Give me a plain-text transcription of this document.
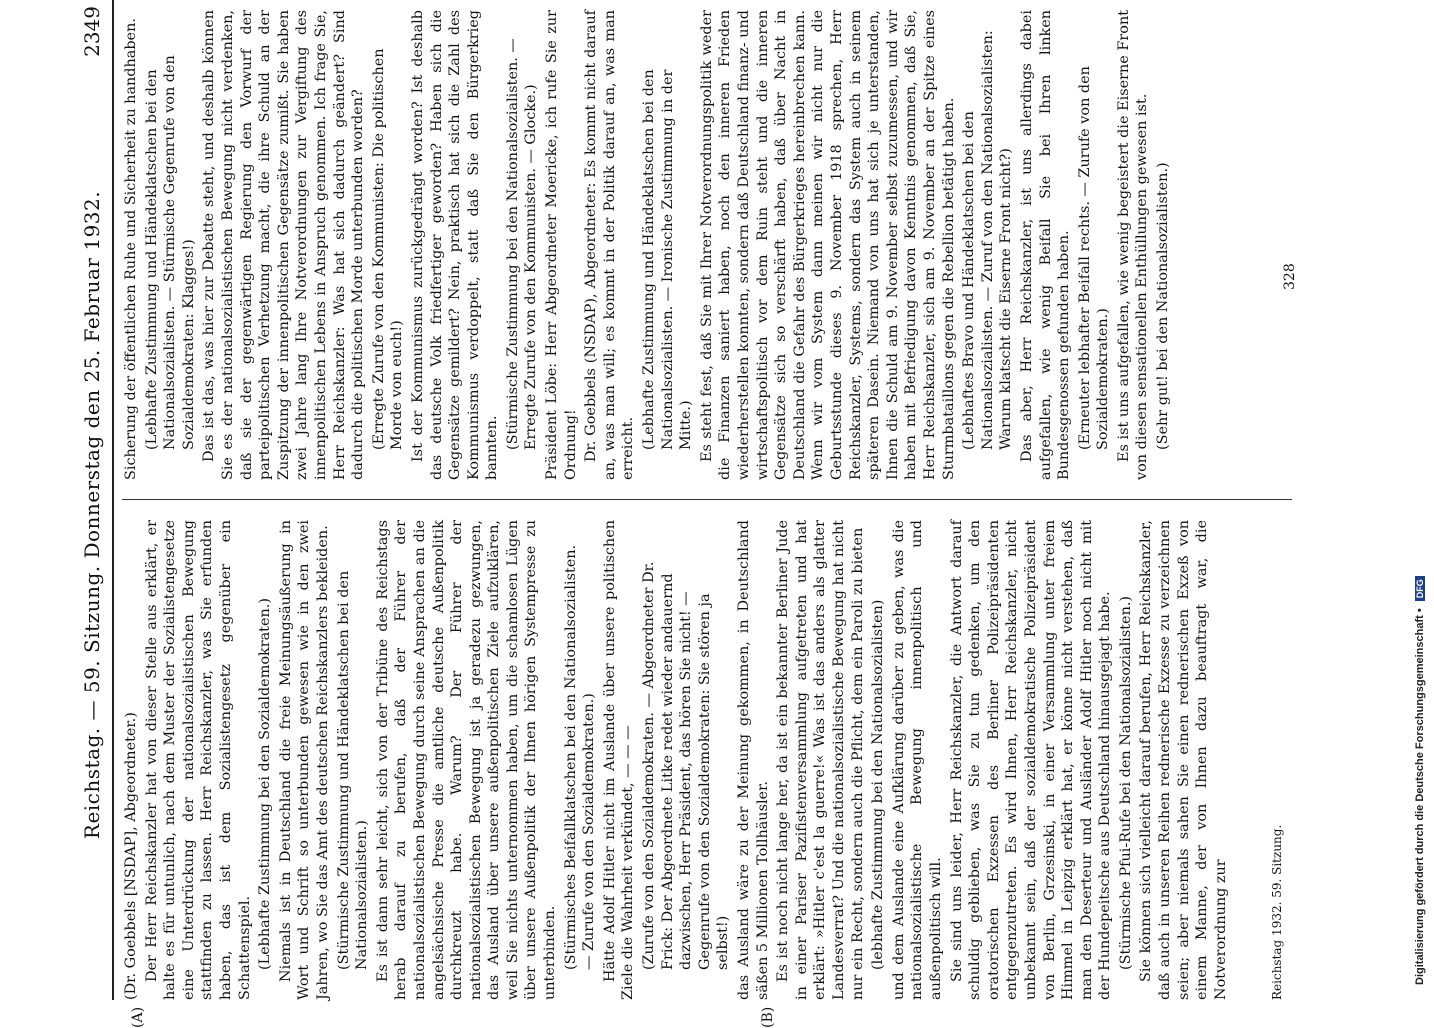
Reichstag. — 59. Sitzung. Donnerstag den 25. Februar 1932.
2349
(A)	(B)

(Dr. Goebbels [NSDAP], Abgeordneter.) Der Herr Reichskanzler hat von dieser Stelle aus erklärt, er halte es für untunlich, nach dem Muster der Sozialistengesetze eine Unterdrückung der nationalsozialistischen Bewegung stattfinden zu lassen. Herr Reichskanzler, was Sie erfunden haben, das ist dem Sozialistengesetz gegenüber ein Schattenspiel. (Lebhafte Zustimmung bei den Sozialdemokraten.) Niemals ist in Deutschland die freie Meinungsäußerung in Wort und Schrift so unterbunden gewesen wie in den zwei Jahren, wo Sie das Amt des deutschen Reichskanzlers bekleiden. (Stürmische Zustimmung und Händeklatschen bei den Nationalsozialisten.) Es ist dann sehr leicht, sich von der Tribüne des Reichstags herab darauf zu berufen, daß der Führer der nationalsozialistischen Bewegung durch seine Ansprachen an die angelsächsische Presse die amtliche deutsche Außenpolitik durchkreuzt habe. Warum? Der Führer der nationalsozialistischen Bewegung ist ja geradezu gezwungen, das Ausland über unsere außenpolitischen Ziele aufzuklären, weil Sie nichts unternommen haben, um die schamlosen Lügen über unsere Außenpolitik der Ihnen hörigen Systempresse zu unterbinden. (Stürmisches Beifallklatschen bei den Nationalsozialisten. — Zurufe von den Sozialdemokraten.) Hätte Adolf Hitler nicht im Auslande über unsere politischen Ziele die Wahrheit verkündet, — — — (Zurufe von den Sozialdemokraten. — Abgeordneter Dr. Frick: Der Abgeordnete Litke redet wieder andauernd dazwischen, Herr Präsident, das hören Sie nicht! — Gegenrufe von den Sozialdemokraten: Sie stören ja selbst!) das Ausland wäre zu der Meinung gekommen, in Deutschland säßen 5 Millionen Tollhäusler. Es ist noch nicht lange her, da ist ein bekannter Berliner Jude in einer Pariser Pazifistenversammlung aufgetreten und hat erklärt: »Hitler c'est la guerre!« Was ist das anders als glatter Landesverrat? Und die nationalsozialistische Bewegung hat nicht nur ein Recht, sondern auch die Pflicht, dem ein Paroli zu bieten (lebhafte Zustimmung bei den Nationalsozialisten) und dem Auslande eine Aufklärung darüber zu geben, was die nationalsozialistische Bewegung innenpolitisch und außenpolitisch will. Sie sind uns leider, Herr Reichskanzler, die Antwort darauf schuldig geblieben, was Sie zu tun gedenken, um den oratorischen Exzessen des Berliner Polizeipräsidenten entgegenzutreten. Es wird Ihnen, Herr Reichskanzler, nicht unbekannt sein, daß der sozialdemokratische Polizeipräsident von Berlin, Grzesinski, in einer Versammlung unter freiem Himmel in Leipzig erklärt hat, er könne nicht verstehen, daß man den Deserteur und Ausländer Adolf Hitler noch nicht mit der Hundepeitsche aus Deutschland hinausgejagt habe. (Stürmische Pfui-Rufe bei den Nationalsozialisten.) Sie können sich vielleicht darauf berufen, Herr Reichskanzler, daß auch in unseren Reihen rednerische Exzesse zu verzeichnen seien; aber niemals sahen Sie einen rednerischen Exzeß von einem Manne, der von Ihnen dazu beauftragt war, die Notverordnung zur

Sicherung der öffentlichen Ruhe und Sicherheit zu handhaben. (Lebhafte Zustimmung und Händeklatschen bei den Nationalsozialisten. — Stürmische Gegenrufe von den Sozialdemokraten: Klagges!) Das ist das, was hier zur Debatte steht, und deshalb können Sie es der nationalsozialistischen Bewegung nicht verdenken, daß sie der gegenwärtigen Regierung den Vorwurf der parteipolitischen Verhetzung macht, die ihre Schuld an der Zuspitzung der innenpolitischen Gegensätze zumißt. Sie haben zwei Jahre lang Ihre Notverordnungen zur Vergiftung des innenpolitischen Lebens in Anspruch genommen. Ich frage Sie, Herr Reichskanzler: Was hat sich dadurch geändert? Sind dadurch die politischen Morde unterbunden worden? (Erregte Zurufe von den Kommunisten: Die politischen Morde von euch!) Ist der Kommunismus zurückgedrängt worden? Ist deshalb das deutsche Volk friedfertiger geworden? Haben sich die Gegensätze gemildert? Nein, praktisch hat sich die Zahl des Kommunismus verdoppelt, statt daß Sie den Bürgerkrieg bannten. (Stürmische Zustimmung bei den Nationalsozialisten. — Erregte Zurufe von den Kommunisten. — Glocke.) Präsident Löbe: Herr Abgeordneter Moericke, ich rufe Sie zur Ordnung! Dr. Goebbels (NSDAP), Abgeordneter: Es kommt nicht darauf an, was man will; es kommt in der Politik darauf an, was man erreicht. (Lebhafte Zustimmung und Händeklatschen bei den Nationalsozialisten. — Ironische Zustimmung in der Mitte.) Es steht fest, daß Sie mit Ihrer Notverordnungspolitik weder die Finanzen saniert haben, noch den inneren Frieden wiederherstellen konnten, sondern daß Deutschland finanz- und wirtschaftspolitisch vor dem Ruin steht und die inneren Gegensätze sich so verschärft haben, daß über Nacht in Deutschland die Gefahr des Bürgerkrieges hereinbrechen kann. Wenn wir vom System dann meinen wir nicht nur die Geburtsstunde dieses 9. November 1918 sprechen, Herr Reichskanzler, Systems, sondern das System auch in seinem späteren Dasein. Niemand von uns hat sich je unterstanden, Ihnen die Schuld am 9. November selbst zuzumessen, und wir haben mit Befriedigung davon Kenntnis genommen, daß Sie, Herr Reichskanzler, sich am 9. November an der Spitze eines Sturmbataillons gegen die Rebellion betätigt haben. (Lebhaftes Bravo und Händeklatschen bei den Nationalsozialisten. — Zuruf von den Nationalsozialisten: Warum klatscht die Eiserne Front nicht?) Das aber, Herr Reichskanzler, ist uns allerdings dabei aufgefallen, wie wenig Beifall Sie bei Ihren linken Bundesgenossen gefunden haben. (Erneuter lebhafter Beifall rechts. — Zurufe von den Sozialdemokraten.) Es ist uns aufgefallen, wie wenig begeistert die Eiserne Front von diesen sensationellen Enthüllungen gewesen ist. (Sehr gut! bei den Nationalsozialisten.)

Reichstag 1932. 59. Sitzung.
328
Digitalisierung gefördert durch die Deutsche Forschungsgemeinschaft • DFG
